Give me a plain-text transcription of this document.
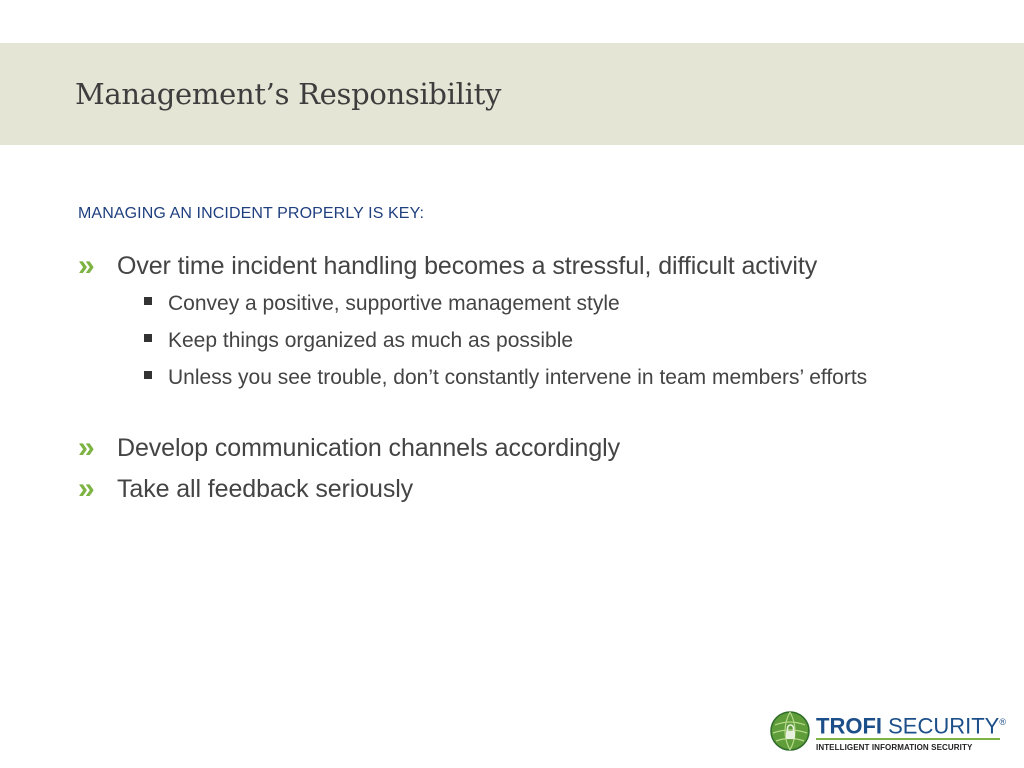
Management’s Responsibility
MANAGING AN INCIDENT PROPERLY IS KEY:
» Over time incident handling becomes a stressful, difficult activity
Convey a positive, supportive management style
Keep things organized as much as possible
Unless you see trouble, don’t constantly intervene in team members’ efforts
» Develop communication channels accordingly
» Take all feedback seriously
TROFI SECURITY®
INTELLIGENT INFORMATION SECURITY
